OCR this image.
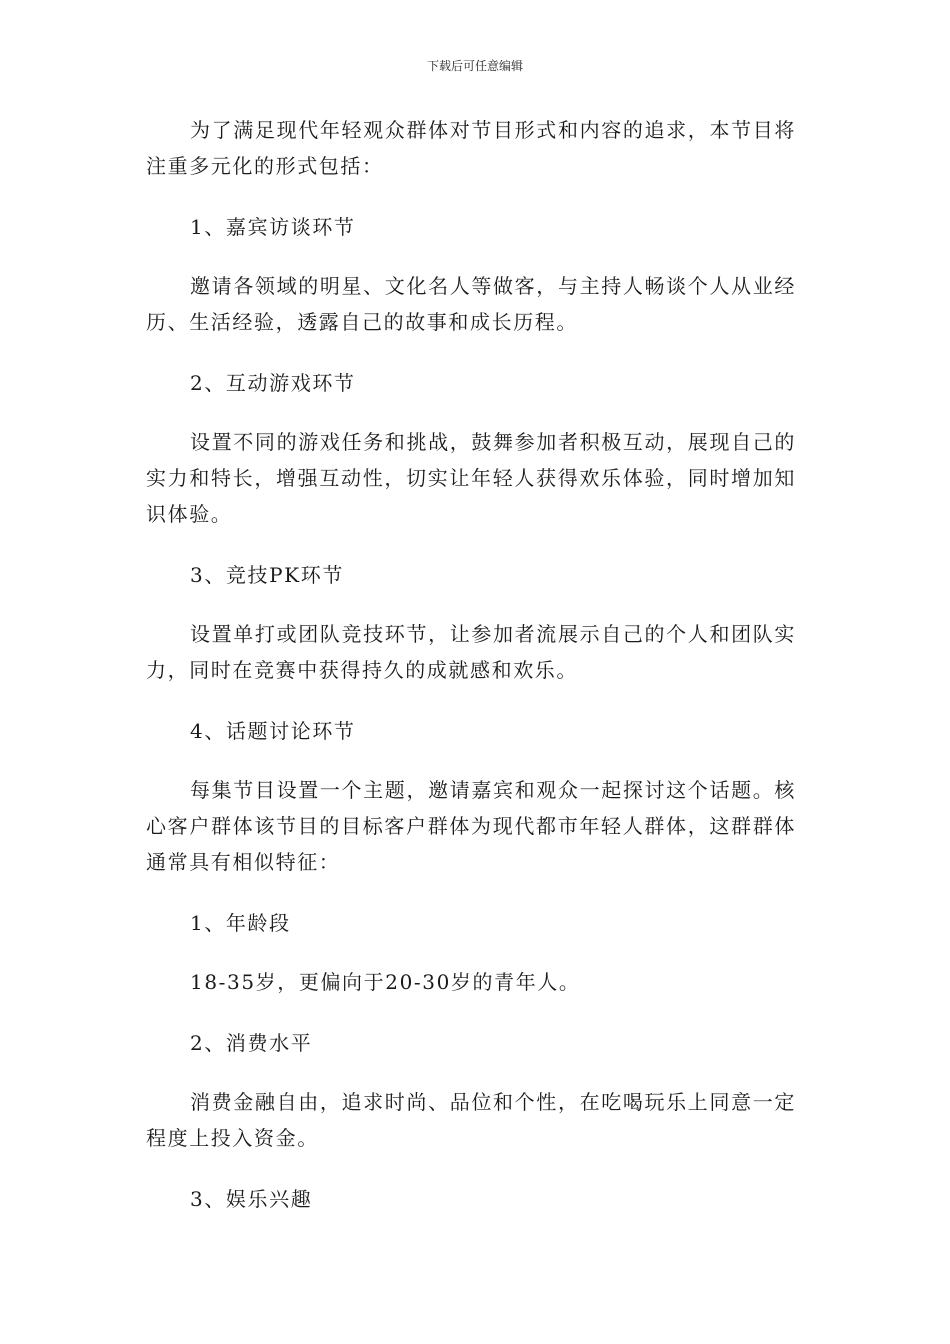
下载后可任意编辑

为了满足现代年轻观众群体对节目形式和内容的追求，本节目将注重多元化的形式包括：

1、嘉宾访谈环节

邀请各领域的明星、文化名人等做客，与主持人畅谈个人从业经历、生活经验，透露自己的故事和成长历程。

2、互动游戏环节

设置不同的游戏任务和挑战，鼓舞参加者积极互动，展现自己的实力和特长，增强互动性，切实让年轻人获得欢乐体验，同时增加知识体验。

3、竞技PK环节

设置单打或团队竞技环节，让参加者流展示自己的个人和团队实力，同时在竞赛中获得持久的成就感和欢乐。

4、话题讨论环节

每集节目设置一个主题，邀请嘉宾和观众一起探讨这个话题。核心客户群体该节目的目标客户群体为现代都市年轻人群体，这群群体通常具有相似特征：

1、年龄段

18-35岁，更偏向于20-30岁的青年人。

2、消费水平

消费金融自由，追求时尚、品位和个性，在吃喝玩乐上同意一定程度上投入资金。

3、娱乐兴趣
